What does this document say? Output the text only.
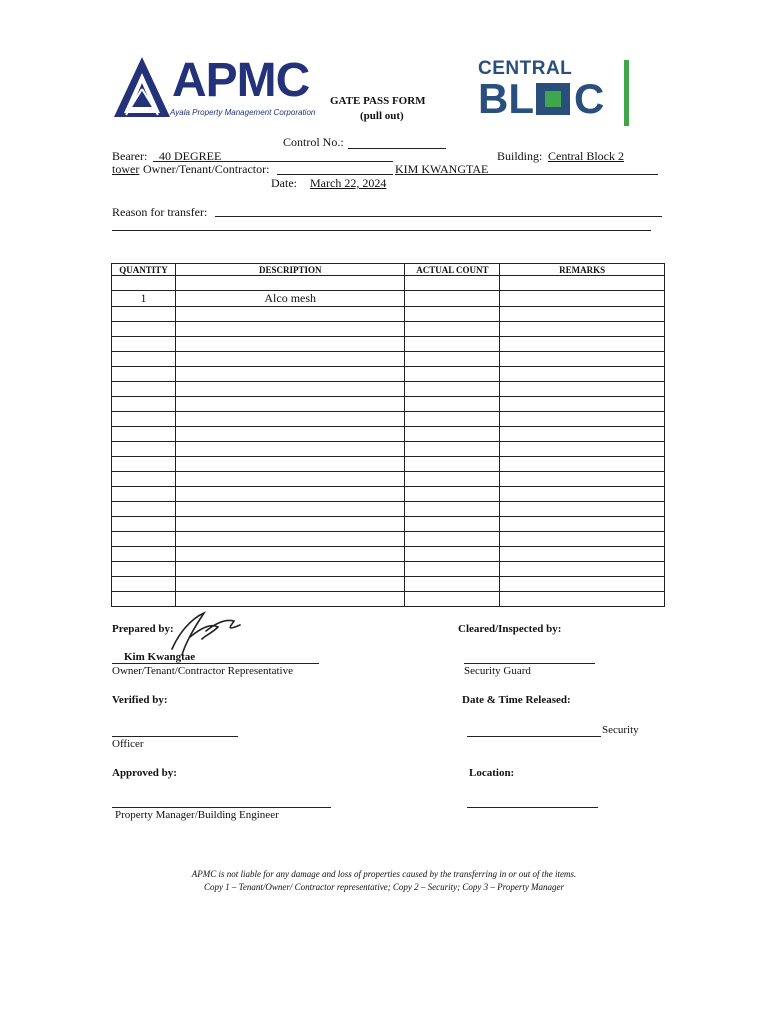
APMC
Ayala Property Management Corporation
CENTRAL
BL C
GATE PASS FORM
(pull out)
Control No.:
Bearer: 40 DEGREE	Building: Central Block 2
tower Owner/Tenant/Contractor:	KIM KWANGTAE
Date: March 22, 2024
Reason for transfer:
QUANTITY	DESCRIPTION	ACTUAL COUNT	REMARKS

1	Alco mesh		

Prepared by:
Kim Kwangtae
Owner/Tenant/Contractor Representative
Cleared/Inspected by:
Security Guard
Verified by:
Officer
Date & Time Released:
Security
Approved by:
Property Manager/Building Engineer
Location:
APMC is not liable for any damage and loss of properties caused by the transferring in or out of the items.
Copy 1 – Tenant/Owner/ Contractor representative; Copy 2 – Security; Copy 3 – Property Manager
